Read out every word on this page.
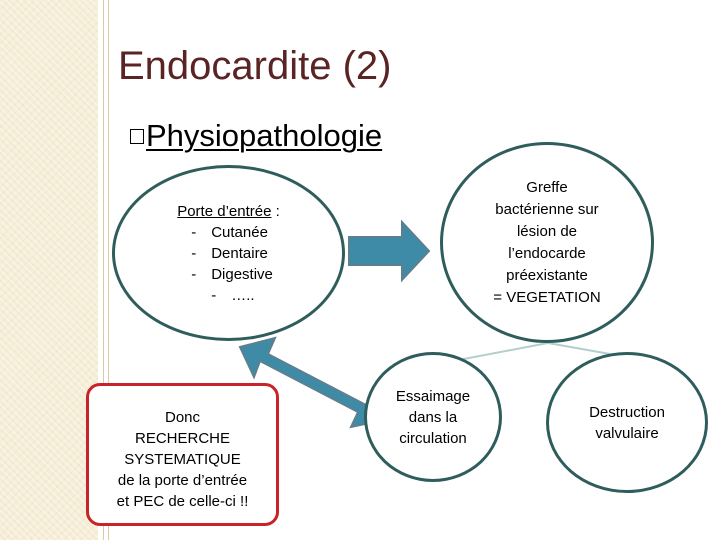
Endocardite (2)
Physiopathologie
Porte d’entrée :
- Cutanée
- Dentaire
- Digestive
- …..
Greffe
bactérienne sur
lésion de
l’endocarde
préexistante
= VEGETATION
Essaimage
dans la
circulation
Destruction
valvulaire
Donc
RECHERCHE
SYSTEMATIQUE
de la porte d’entrée
et PEC de celle-ci !!
